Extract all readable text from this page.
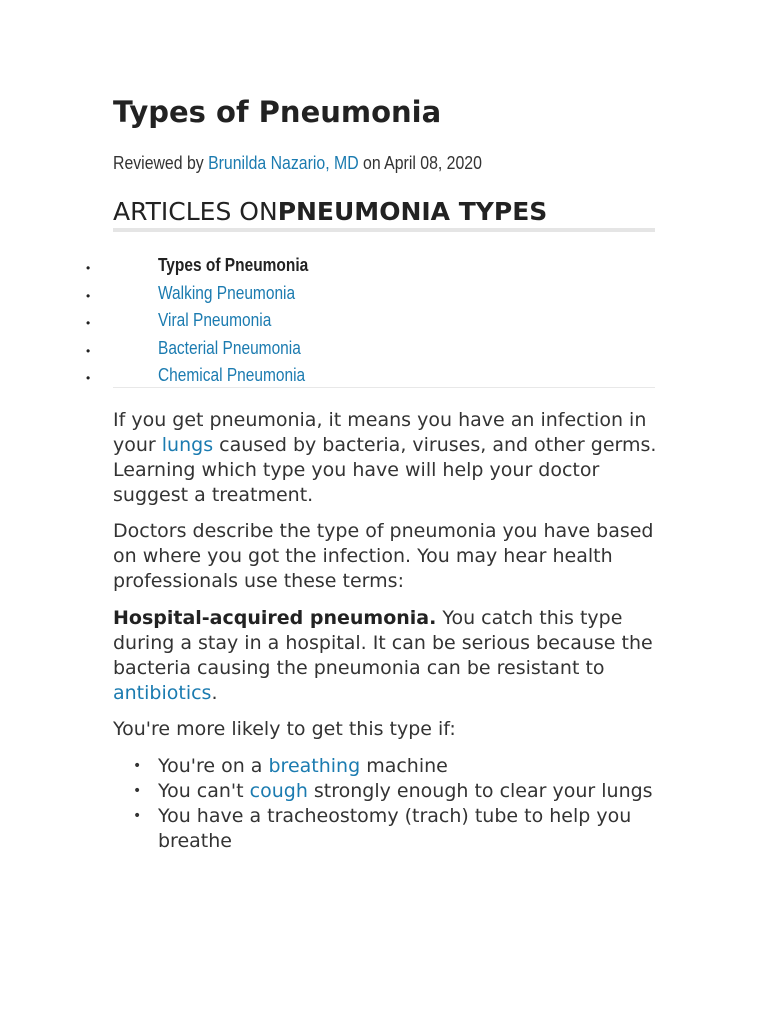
Types of Pneumonia
Reviewed by Brunilda Nazario, MD on April 08, 2020
ARTICLES ONPNEUMONIA TYPES
•	Types of Pneumonia
•	Walking Pneumonia
•	Viral Pneumonia
•	Bacterial Pneumonia
•	Chemical Pneumonia

If you get pneumonia, it means you have an infection in your lungs caused by bacteria, viruses, and other germs. Learning which type you have will help your doctor suggest a treatment.

Doctors describe the type of pneumonia you have based on where you got the infection. You may hear health professionals use these terms:

Hospital-acquired pneumonia. You catch this type during a stay in a hospital. It can be serious because the bacteria causing the pneumonia can be resistant to antibiotics.

You're more likely to get this type if:

• You're on a breathing machine
• You can't cough strongly enough to clear your lungs
• You have a tracheostomy (trach) tube to help you breathe
